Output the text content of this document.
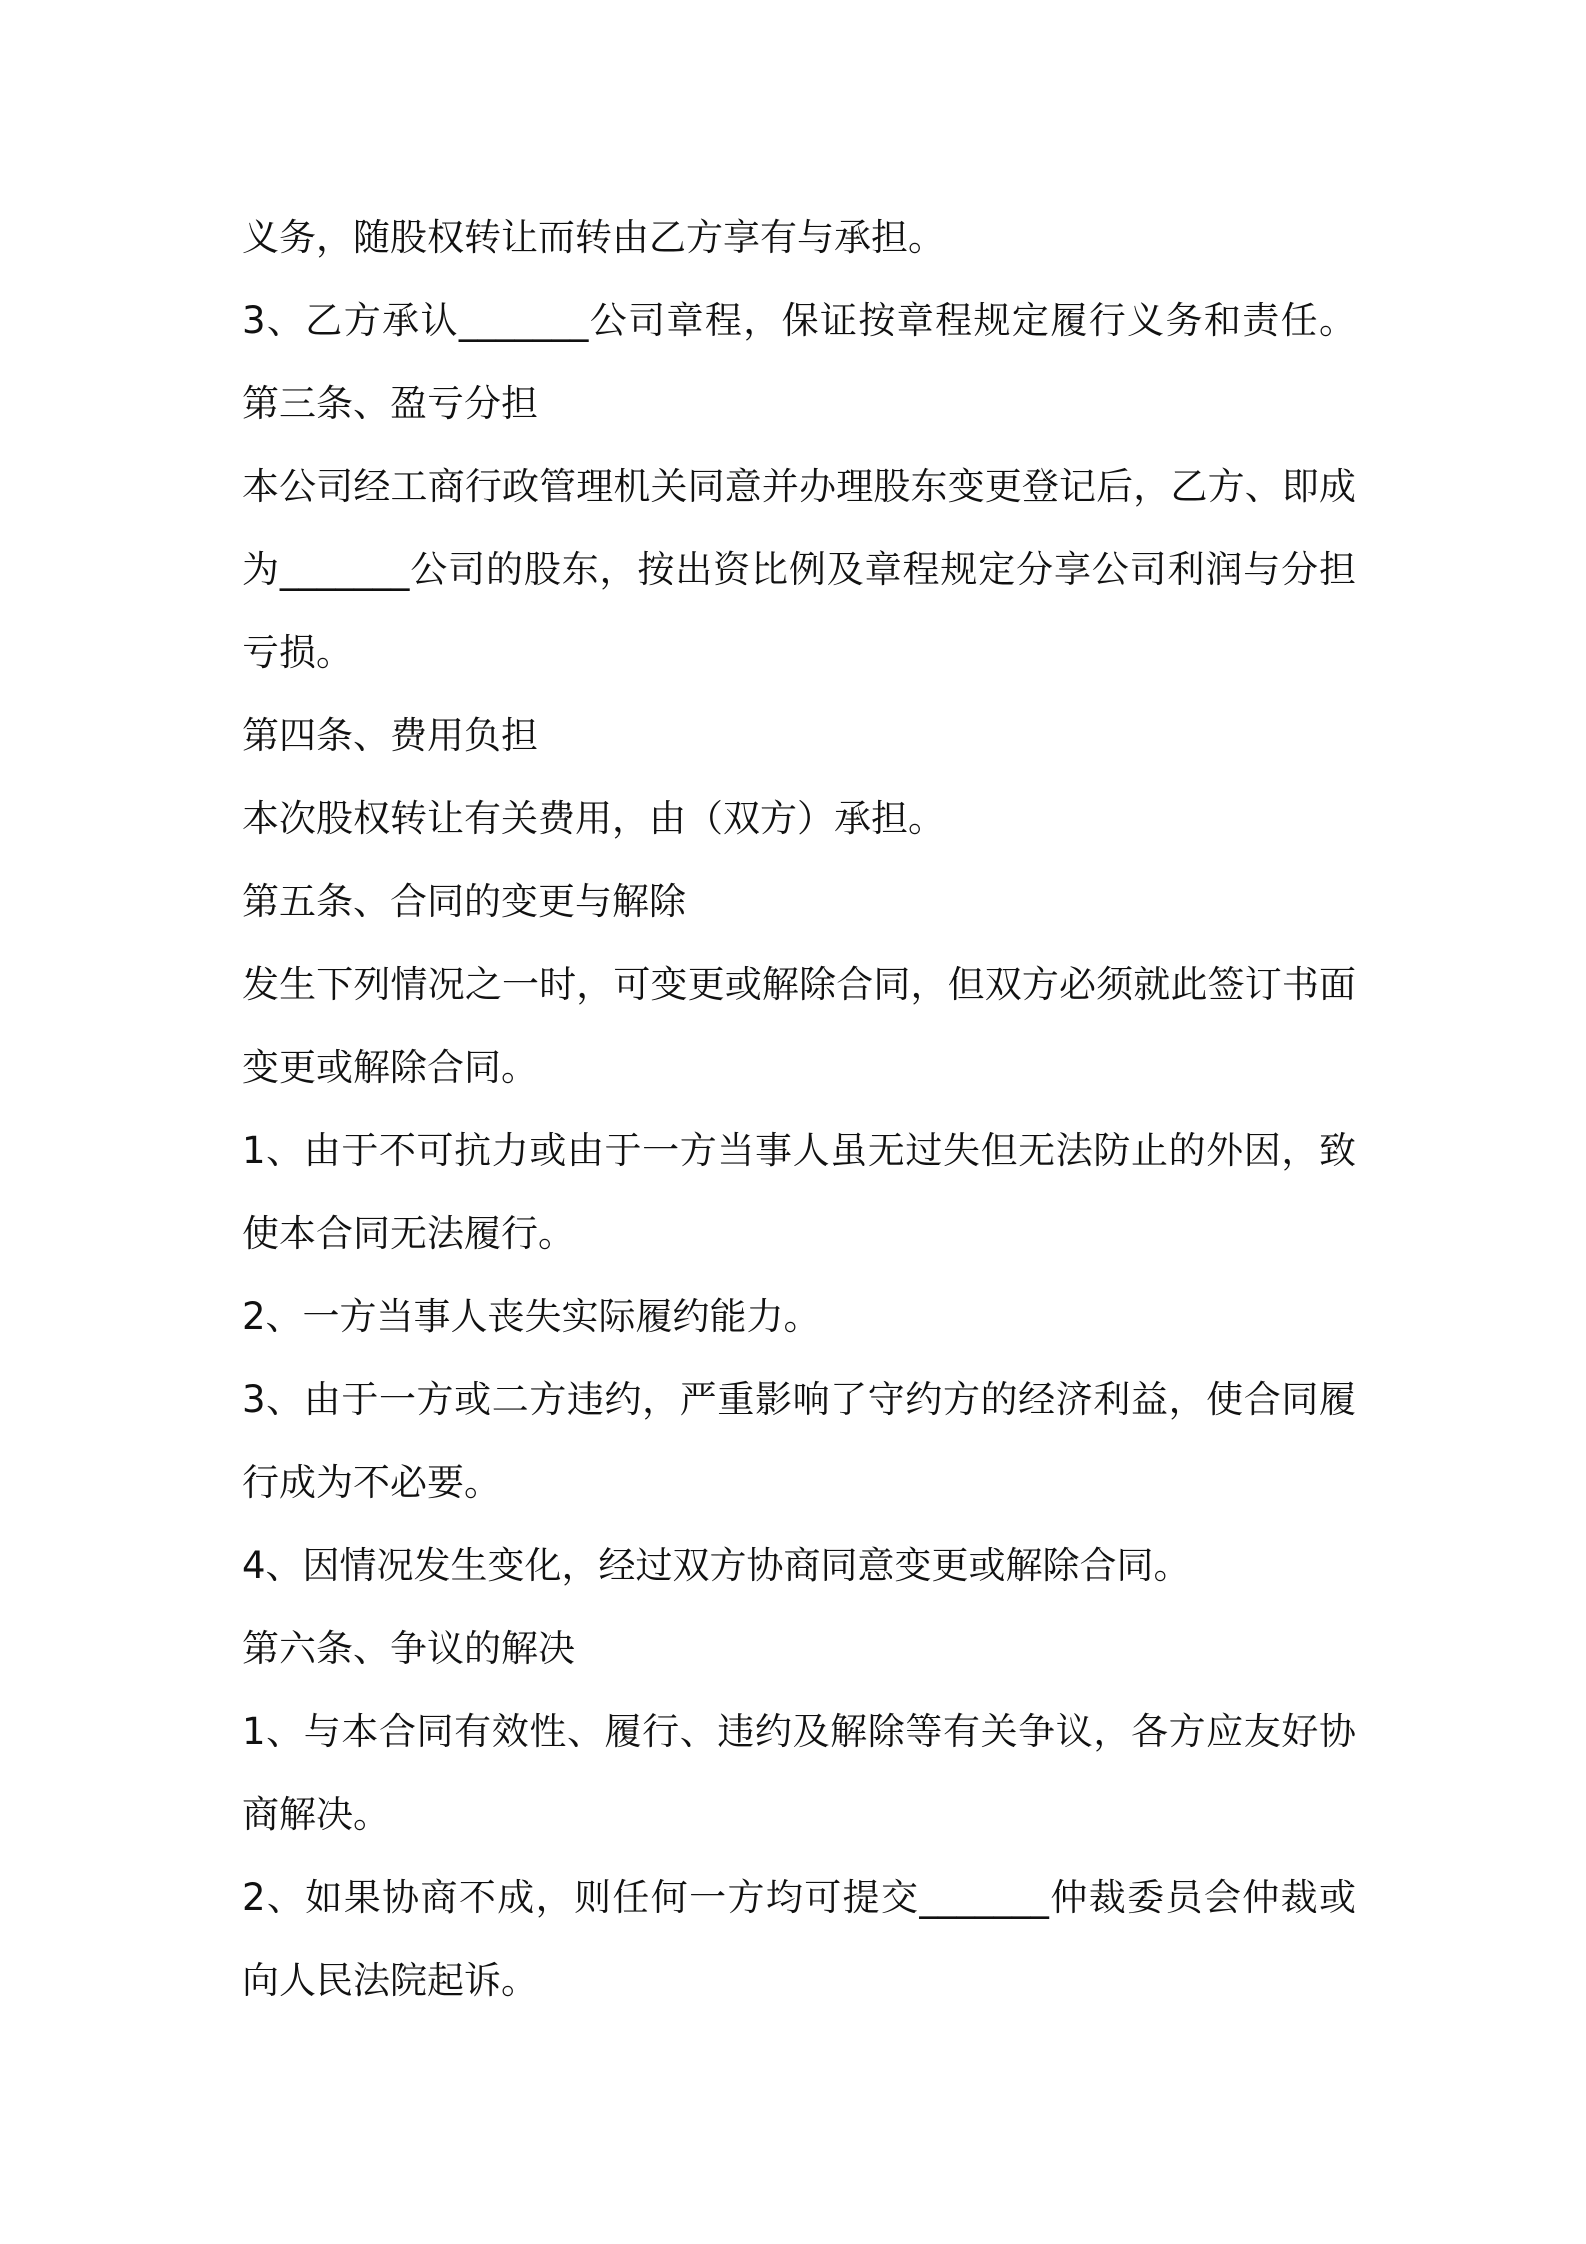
义务，随股权转让而转由乙方享有与承担。
3、乙方承认_______公司章程，保证按章程规定履行义务和责任。
第三条、盈亏分担
本公司经工商行政管理机关同意并办理股东变更登记后，乙方、即成
为_______公司的股东，按出资比例及章程规定分享公司利润与分担
亏损。
第四条、费用负担
本次股权转让有关费用，由（双方）承担。
第五条、合同的变更与解除
发生下列情况之一时，可变更或解除合同，但双方必须就此签订书面
变更或解除合同。
1、由于不可抗力或由于一方当事人虽无过失但无法防止的外因，致
使本合同无法履行。
2、一方当事人丧失实际履约能力。
3、由于一方或二方违约，严重影响了守约方的经济利益，使合同履
行成为不必要。
4、因情况发生变化，经过双方协商同意变更或解除合同。
第六条、争议的解决
1、与本合同有效性、履行、违约及解除等有关争议，各方应友好协
商解决。
2、如果协商不成，则任何一方均可提交_______仲裁委员会仲裁或
向人民法院起诉。
